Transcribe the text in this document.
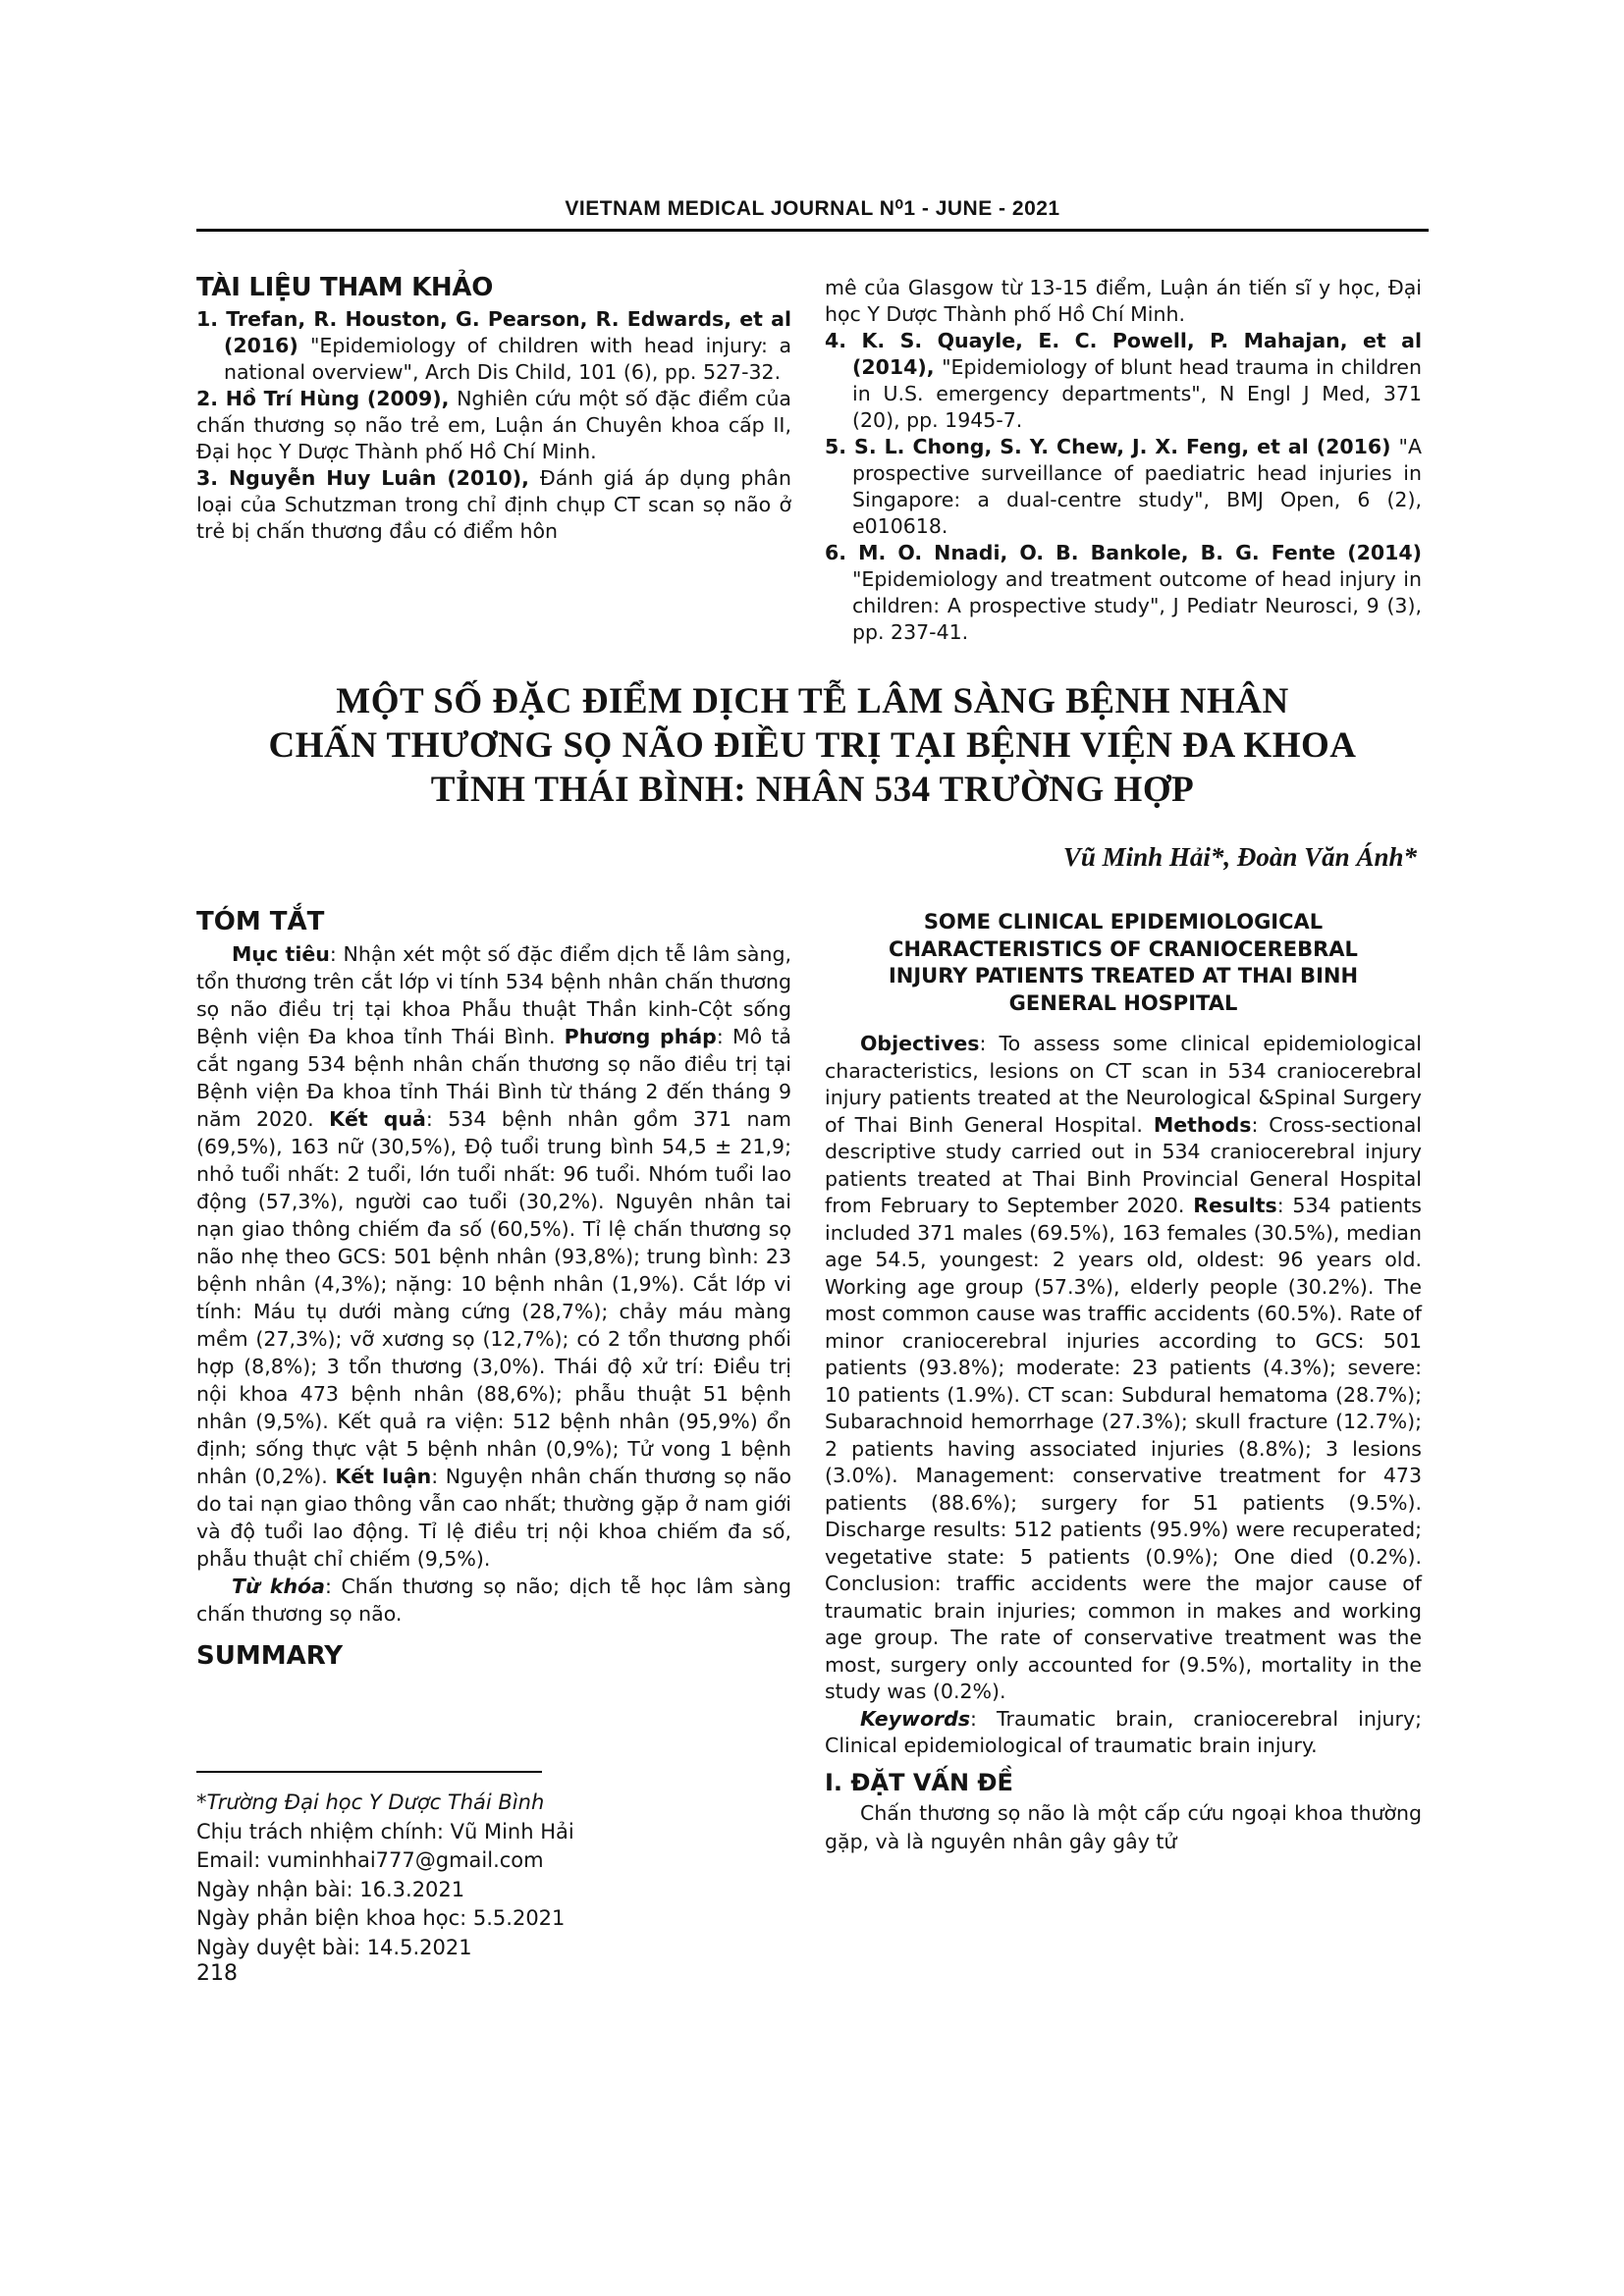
VIETNAM MEDICAL JOURNAL N⁰1 - JUNE - 2021
TÀI LIỆU THAM KHẢO

1. Trefan, R. Houston, G. Pearson, R. Edwards, et al (2016) "Epidemiology of children with head injury: a national overview", Arch Dis Child, 101 (6), pp. 527-32.

2. Hồ Trí Hùng (2009), Nghiên cứu một số đặc điểm của chấn thương sọ não trẻ em, Luận án Chuyên khoa cấp II, Đại học Y Dược Thành phố Hồ Chí Minh.

3. Nguyễn Huy Luân (2010), Đánh giá áp dụng phân loại của Schutzman trong chỉ định chụp CT scan sọ não ở trẻ bị chấn thương đầu có điểm hôn

mê của Glasgow từ 13-15 điểm, Luận án tiến sĩ y học, Đại học Y Dược Thành phố Hồ Chí Minh.

4. K. S. Quayle, E. C. Powell, P. Mahajan, et al (2014), "Epidemiology of blunt head trauma in children in U.S. emergency departments", N Engl J Med, 371 (20), pp. 1945-7.

5. S. L. Chong, S. Y. Chew, J. X. Feng, et al (2016) "A prospective surveillance of paediatric head injuries in Singapore: a dual-centre study", BMJ Open, 6 (2), e010618.

6. M. O. Nnadi, O. B. Bankole, B. G. Fente (2014) "Epidemiology and treatment outcome of head injury in children: A prospective study", J Pediatr Neurosci, 9 (3), pp. 237-41.

MỘT SỐ ĐẶC ĐIỂM DỊCH TỄ LÂM SÀNG BỆNH NHÂN
CHẤN THƯƠNG SỌ NÃO ĐIỀU TRỊ TẠI BỆNH VIỆN ĐA KHOA
TỈNH THÁI BÌNH: NHÂN 534 TRƯỜNG HỢP
Vũ Minh Hải*, Đoàn Văn Ánh*
TÓM TẮT

Mục tiêu: Nhận xét một số đặc điểm dịch tễ lâm sàng, tổn thương trên cắt lớp vi tính 534 bệnh nhân chấn thương sọ não điều trị tại khoa Phẫu thuật Thần kinh-Cột sống Bệnh viện Đa khoa tỉnh Thái Bình. Phương pháp: Mô tả cắt ngang 534 bệnh nhân chấn thương sọ não điều trị tại Bệnh viện Đa khoa tỉnh Thái Bình từ tháng 2 đến tháng 9 năm 2020. Kết quả: 534 bệnh nhân gồm 371 nam (69,5%), 163 nữ (30,5%), Độ tuổi trung bình 54,5 ± 21,9; nhỏ tuổi nhất: 2 tuổi, lớn tuổi nhất: 96 tuổi. Nhóm tuổi lao động (57,3%), người cao tuổi (30,2%). Nguyên nhân tai nạn giao thông chiếm đa số (60,5%). Tỉ lệ chấn thương sọ não nhẹ theo GCS: 501 bệnh nhân (93,8%); trung bình: 23 bệnh nhân (4,3%); nặng: 10 bệnh nhân (1,9%). Cắt lớp vi tính: Máu tụ dưới màng cứng (28,7%); chảy máu màng mềm (27,3%); vỡ xương sọ (12,7%); có 2 tổn thương phối hợp (8,8%); 3 tổn thương (3,0%). Thái độ xử trí: Điều trị nội khoa 473 bệnh nhân (88,6%); phẫu thuật 51 bệnh nhân (9,5%). Kết quả ra viện: 512 bệnh nhân (95,9%) ổn định; sống thực vật 5 bệnh nhân (0,9%); Tử vong 1 bệnh nhân (0,2%). Kết luận: Nguyện nhân chấn thương sọ não do tai nạn giao thông vẫn cao nhất; thường gặp ở nam giới và độ tuổi lao động. Tỉ lệ điều trị nội khoa chiếm đa số, phẫu thuật chỉ chiếm (9,5%).

Từ khóa: Chấn thương sọ não; dịch tễ học lâm sàng chấn thương sọ não.

SUMMARY
SOME CLINICAL EPIDEMIOLOGICAL
CHARACTERISTICS OF CRANIOCEREBRAL
INJURY PATIENTS TREATED AT THAI BINH
GENERAL HOSPITAL

Objectives: To assess some clinical epidemiological characteristics, lesions on CT scan in 534 craniocerebral injury patients treated at the Neurological &Spinal Surgery of Thai Binh General Hospital. Methods: Cross-sectional descriptive study carried out in 534 craniocerebral injury patients treated at Thai Binh Provincial General Hospital from February to September 2020. Results: 534 patients included 371 males (69.5%), 163 females (30.5%), median age 54.5, youngest: 2 years old, oldest: 96 years old. Working age group (57.3%), elderly people (30.2%). The most common cause was traffic accidents (60.5%). Rate of minor craniocerebral injuries according to GCS: 501 patients (93.8%); moderate: 23 patients (4.3%); severe: 10 patients (1.9%). CT scan: Subdural hematoma (28.7%); Subarachnoid hemorrhage (27.3%); skull fracture (12.7%); 2 patients having associated injuries (8.8%); 3 lesions (3.0%). Management: conservative treatment for 473 patients (88.6%); surgery for 51 patients (9.5%). Discharge results: 512 patients (95.9%) were recuperated; vegetative state: 5 patients (0.9%); One died (0.2%). Conclusion: traffic accidents were the major cause of traumatic brain injuries; common in makes and working age group. The rate of conservative treatment was the most, surgery only accounted for (9.5%), mortality in the study was (0.2%).

Keywords: Traumatic brain, craniocerebral injury; Clinical epidemiological of traumatic brain injury.

I. ĐẶT VẤN ĐỀ

Chấn thương sọ não là một cấp cứu ngoại khoa thường gặp, và là nguyên nhân gây gây tử

*Trường Đại học Y Dược Thái Bình
Chịu trách nhiệm chính: Vũ Minh Hải
Email: vuminhhai777@gmail.com
Ngày nhận bài: 16.3.2021
Ngày phản biện khoa học: 5.5.2021
Ngày duyệt bài: 14.5.2021
218
